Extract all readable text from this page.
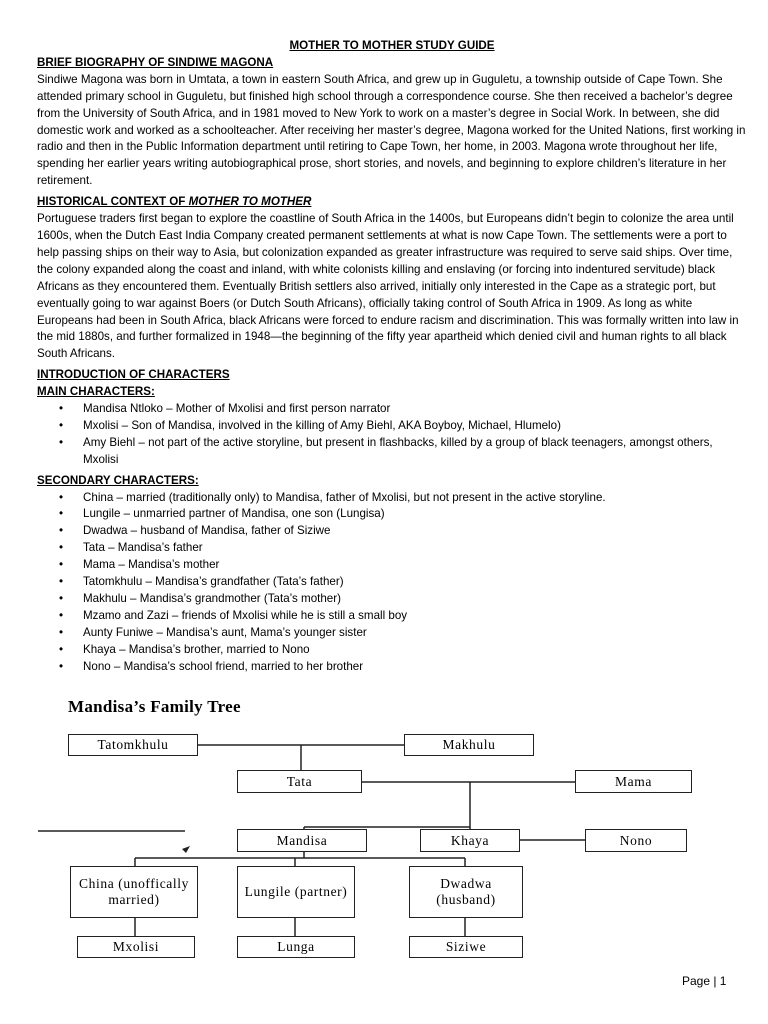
MOTHER TO MOTHER STUDY GUIDE

BRIEF BIOGRAPHY OF SINDIWE MAGONA

Sindiwe Magona was born in Umtata, a town in eastern South Africa, and grew up in Guguletu, a township outside of Cape Town. She attended primary school in Guguletu, but finished high school through a correspondence course. She then received a bachelor’s degree from the University of South Africa, and in 1981 moved to New York to work on a master’s degree in Social Work. In between, she did domestic work and worked as a schoolteacher. After receiving her master’s degree, Magona worked for the United Nations, first working in radio and then in the Public Information department until retiring to Cape Town, her home, in 2003. Magona wrote throughout her life, spending her earlier years writing autobiographical prose, short stories, and novels, and beginning to explore children’s literature in her retirement.

HISTORICAL CONTEXT OF MOTHER TO MOTHER

Portuguese traders first began to explore the coastline of South Africa in the 1400s, but Europeans didn’t begin to colonize the area until 1600s, when the Dutch East India Company created permanent settlements at what is now Cape Town. The settlements were a port to help passing ships on their way to Asia, but colonization expanded as greater infrastructure was required to serve said ships. Over time, the colony expanded along the coast and inland, with white colonists killing and enslaving (or forcing into indentured servitude) black Africans as they encountered them. Eventually British settlers also arrived, initially only interested in the Cape as a strategic port, but eventually going to war against Boers (or Dutch South Africans), officially taking control of South Africa in 1909. As long as white Europeans had been in South Africa, black Africans were forced to endure racism and discrimination. This was formally written into law in the mid 1880s, and further formalized in 1948—the beginning of the fifty year apartheid which denied civil and human rights to all black South Africans.

INTRODUCTION OF CHARACTERS

MAIN CHARACTERS:

• Mandisa Ntloko – Mother of Mxolisi and first person narrator
• Mxolisi – Son of Mandisa, involved in the killing of Amy Biehl, AKA Boyboy, Michael, Hlumelo)
• Amy Biehl – not part of the active storyline, but present in flashbacks, killed by a group of black teenagers, amongst others, Mxolisi

SECONDARY CHARACTERS:

• China – married (traditionally only) to Mandisa, father of Mxolisi, but not present in the active storyline.
• Lungile – unmarried partner of Mandisa, one son (Lungisa)
• Dwadwa – husband of Mandisa, father of Siziwe
• Tata – Mandisa’s father
• Mama – Mandisa’s mother
• Tatomkhulu – Mandisa’s grandfather (Tata’s father)
• Makhulu – Mandisa’s grandmother (Tata’s mother)
• Mzamo and Zazi – friends of Mxolisi while he is still a small boy
• Aunty Funiwe – Mandisa’s aunt, Mama’s younger sister
• Khaya – Mandisa’s brother, married to Nono
• Nono – Mandisa’s school friend, married to her brother
Mandisa’s Family Tree
Tatomkhulu	Makhulu
Tata	Mama
Mandisa	Khaya	Nono
China (unoffically married)
Lungile (partner)
Dwadwa (husband)
Mxolisi	Lunga	Siziwe
Page | 1
